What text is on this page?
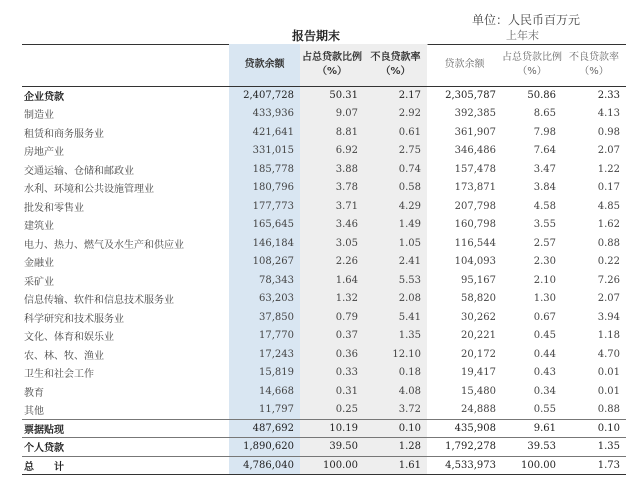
单位：人民币百万元
报告期末	上年末
	贷款余额	占总贷款比例（%）	不良贷款率（%）	贷款余额	占总贷款比例（%）	不良贷款率（%）
企业贷款	2,407,728	50.31	2.17	2,305,787	50.86	2.33
制造业	433,936	9.07	2.92	392,385	8.65	4.13
租赁和商务服务业	421,641	8.81	0.61	361,907	7.98	0.98
房地产业	331,015	6.92	2.75	346,486	7.64	2.07
交通运输、仓储和邮政业	185,778	3.88	0.74	157,478	3.47	1.22
水利、环境和公共设施管理业	180,796	3.78	0.58	173,871	3.84	0.17
批发和零售业	177,773	3.71	4.29	207,798	4.58	4.85
建筑业	165,645	3.46	1.49	160,798	3.55	1.62
电力、热力、燃气及水生产和供应业	146,184	3.05	1.05	116,544	2.57	0.88
金融业	108,267	2.26	2.41	104,093	2.30	0.22
采矿业	78,343	1.64	5.53	95,167	2.10	7.26
信息传输、软件和信息技术服务业	63,203	1.32	2.08	58,820	1.30	2.07
科学研究和技术服务业	37,850	0.79	5.41	30,262	0.67	3.94
文化、体育和娱乐业	17,770	0.37	1.35	20,221	0.45	1.18
农、林、牧、渔业	17,243	0.36	12.10	20,172	0.44	4.70
卫生和社会工作	15,819	0.33	0.18	19,417	0.43	0.01
教育	14,668	0.31	4.08	15,480	0.34	0.01
其他	11,797	0.25	3.72	24,888	0.55	0.88
票据贴现	487,692	10.19	0.10	435,908	9.61	0.10
个人贷款	1,890,620	39.50	1.28	1,792,278	39.53	1.35
总　　计	4,786,040	100.00	1.61	4,533,973	100.00	1.73
